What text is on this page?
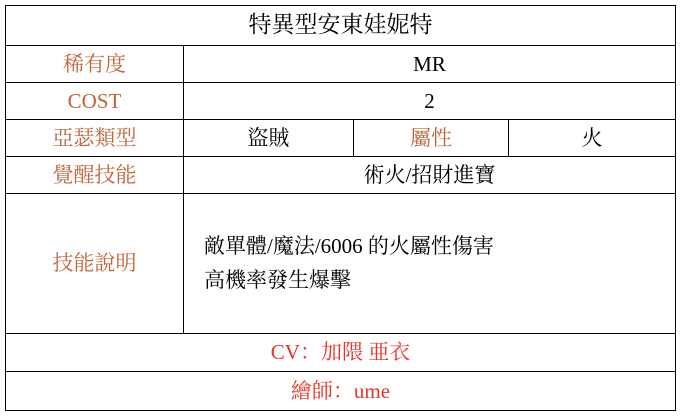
特異型安東娃妮特
稀有度	MR
COST	2
亞瑟類型	盜賊	屬性	火
覺醒技能	術火/招財進寶
技能說明
敵單體/魔法/6006 的火屬性傷害
高機率發生爆擊
CV：加隈 亜衣
繪師：ume
